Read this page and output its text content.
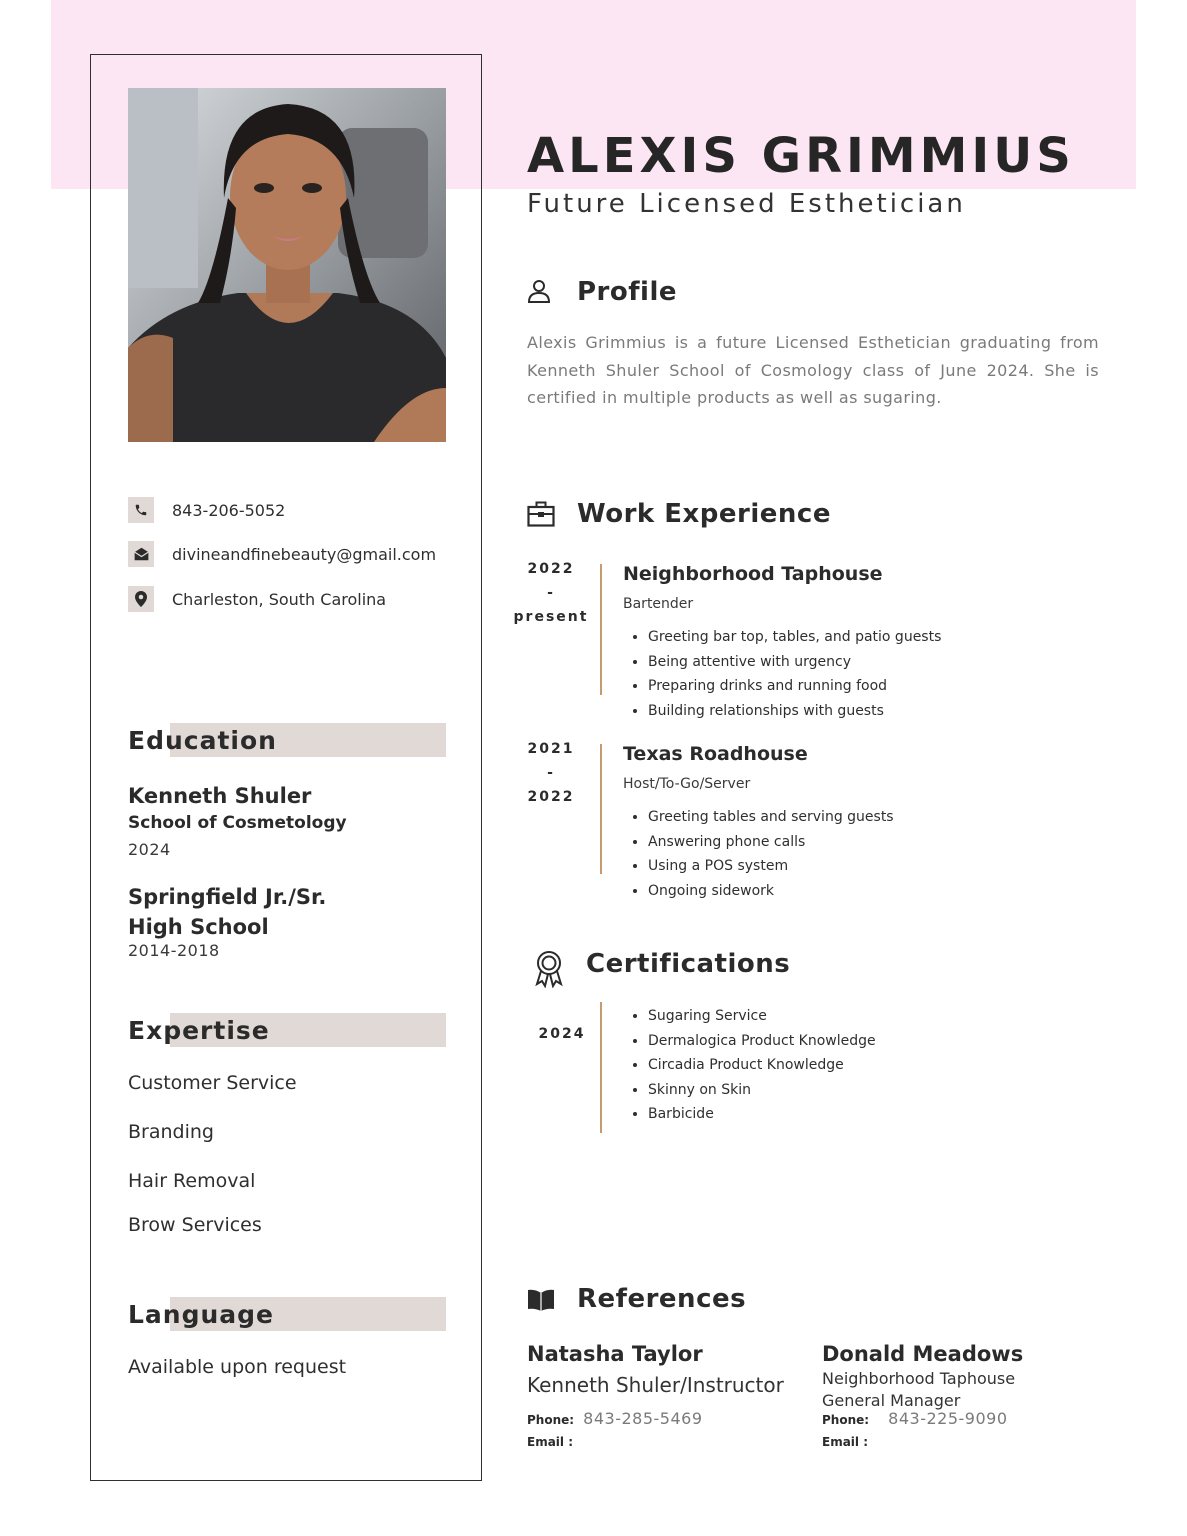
843-206-5052
divineandfinebeauty@gmail.com
Charleston, South Carolina
Education
Kenneth Shuler
School of Cosmetology
2024
Springfield Jr./Sr.
High School
2014-2018
Expertise
Customer Service
Branding
Hair Removal
Brow Services
Language
Available upon request
ALEXIS GRIMMIUS
Future Licensed Esthetician
Profile
Alexis Grimmius is a future Licensed Esthetician graduating from Kenneth Shuler School of Cosmology class of June 2024. She is certified in multiple products as well as sugaring.
Work Experience
2022
-
present
Neighborhood Taphouse
Bartender
• Greeting bar top, tables, and patio guests
• Being attentive with urgency
• Preparing drinks and running food
• Building relationships with guests
2021
-
2022
Texas Roadhouse
Host/To-Go/Server
• Greeting tables and serving guests
• Answering phone calls
• Using a POS system
• Ongoing sidework
Certifications
2024
• Sugaring Service
• Dermalogica Product Knowledge
• Circadia Product Knowledge
• Skinny on Skin
• Barbicide
References
Natasha Taylor
Kenneth Shuler/Instructor
Phone: 843-285-5469
Email :
Donald Meadows
Neighborhood Taphouse
General Manager
Phone: 843-225-9090
Email :
